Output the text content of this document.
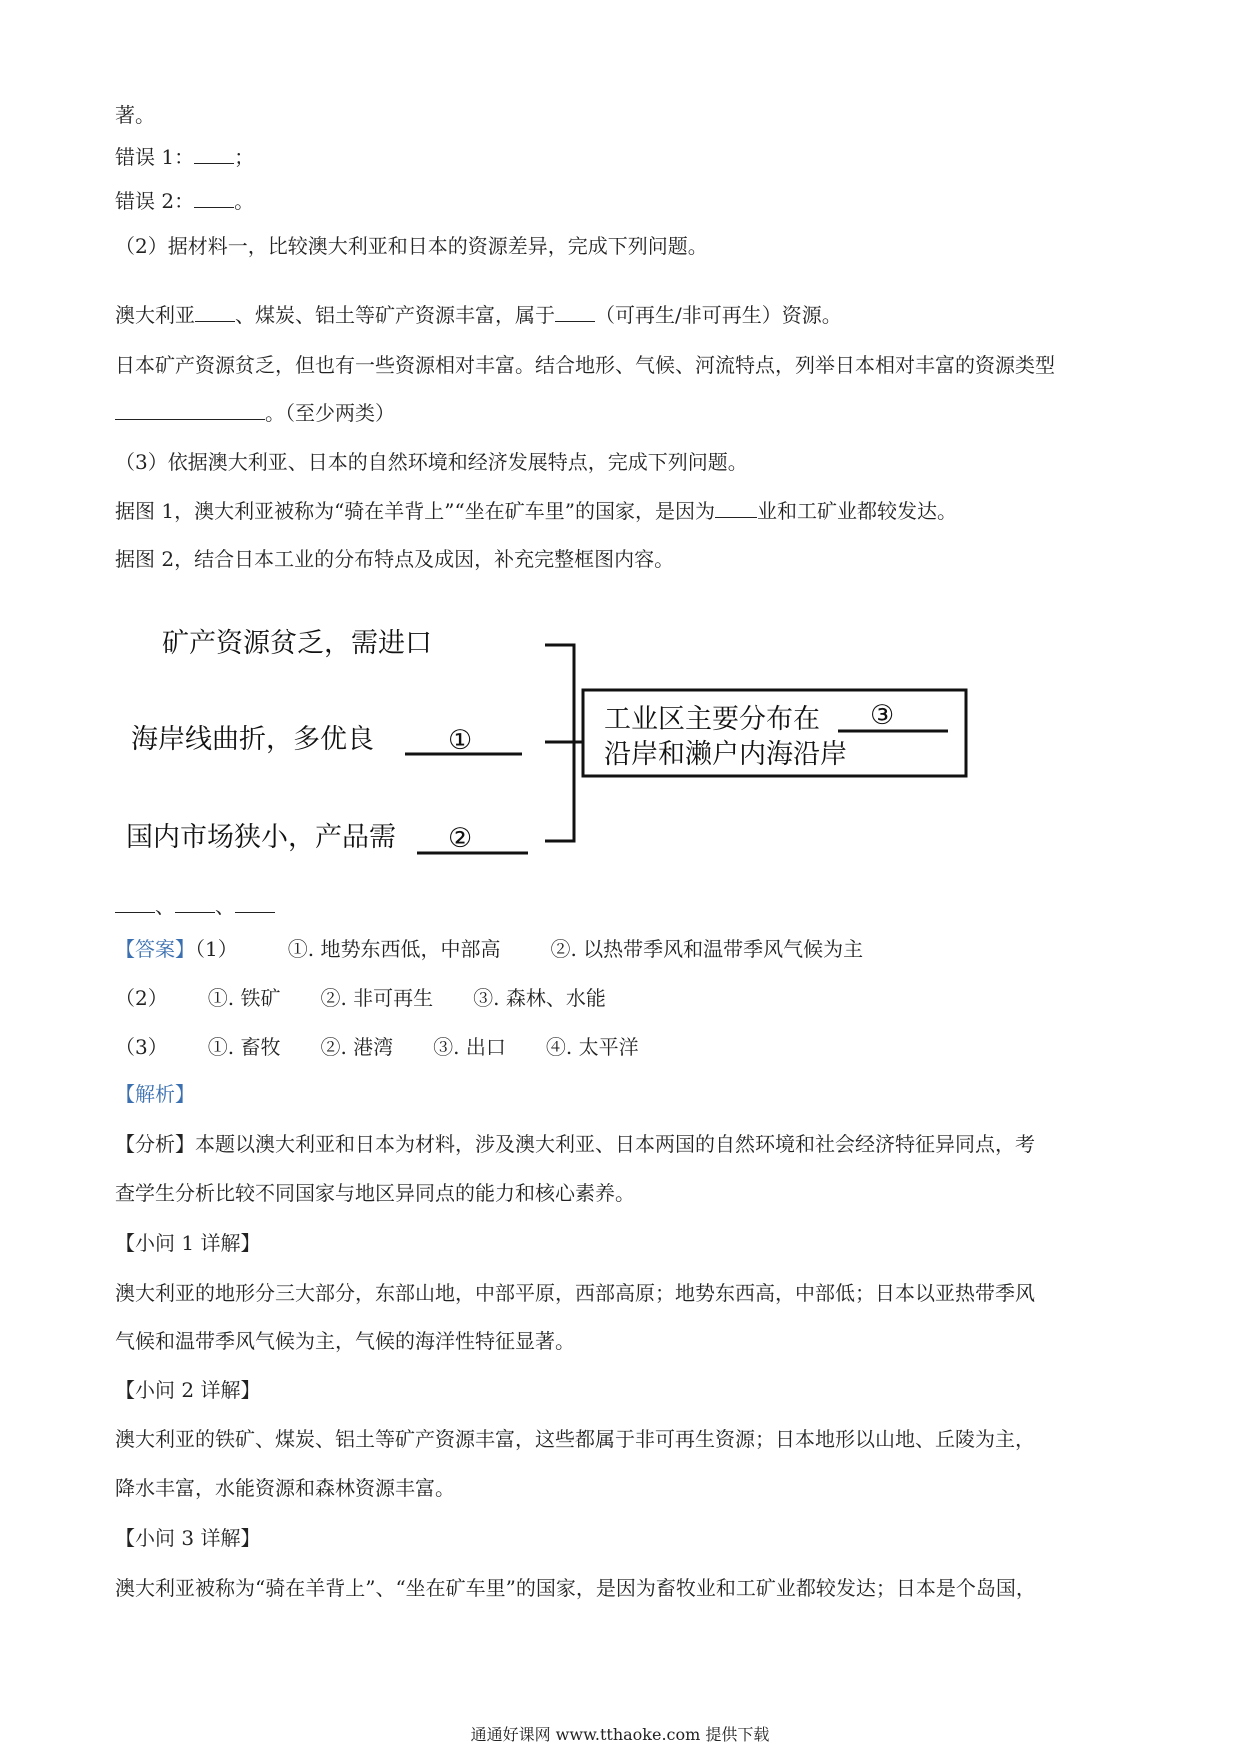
著。
错误 1： ；
错误 2： 。
（2）据材料一，比较澳大利亚和日本的资源差异，完成下列问题。
澳大利亚 、煤炭、铝土等矿产资源丰富，属于 （可再生/非可再生）资源。
日本矿产资源贫乏，但也有一些资源相对丰富。结合地形、气候、河流特点，列举日本相对丰富的资源类型
。（至少两类）
（3）依据澳大利亚、日本的自然环境和经济发展特点，完成下列问题。
据图 1，澳大利亚被称为“骑在羊背上”“坐在矿车里”的国家，是因为 业和工矿业都较发达。
据图 2，结合日本工业的分布特点及成因，补充完整框图内容。
矿产资源贫乏，需进口
海岸线曲折，多优良	①
国内市场狭小，产品需 ②
工业区主要分布在 ③
沿岸和濑户内海沿岸
、 、
【答案】（1）	①. 地势东西低，中部高	②. 以热带季风和温带季风气候为主
（2） ①. 铁矿 ②. 非可再生 ③. 森林、水能
（3） ①. 畜牧 ②. 港湾 ③. 出口 ④. 太平洋
【解析】
【分析】本题以澳大利亚和日本为材料，涉及澳大利亚、日本两国的自然环境和社会经济特征异同点，考
查学生分析比较不同国家与地区异同点的能力和核心素养。
【小问 1 详解】
澳大利亚的地形分三大部分，东部山地，中部平原，西部高原；地势东西高，中部低；日本以亚热带季风
气候和温带季风气候为主，气候的海洋性特征显著。
【小问 2 详解】
澳大利亚的铁矿、煤炭、铝土等矿产资源丰富，这些都属于非可再生资源；日本地形以山地、丘陵为主，
降水丰富，水能资源和森林资源丰富。
【小问 3 详解】
澳大利亚被称为“骑在羊背上”、“坐在矿车里”的国家，是因为畜牧业和工矿业都较发达；日本是个岛国，
通通好课网 www.tthaoke.com 提供下载
